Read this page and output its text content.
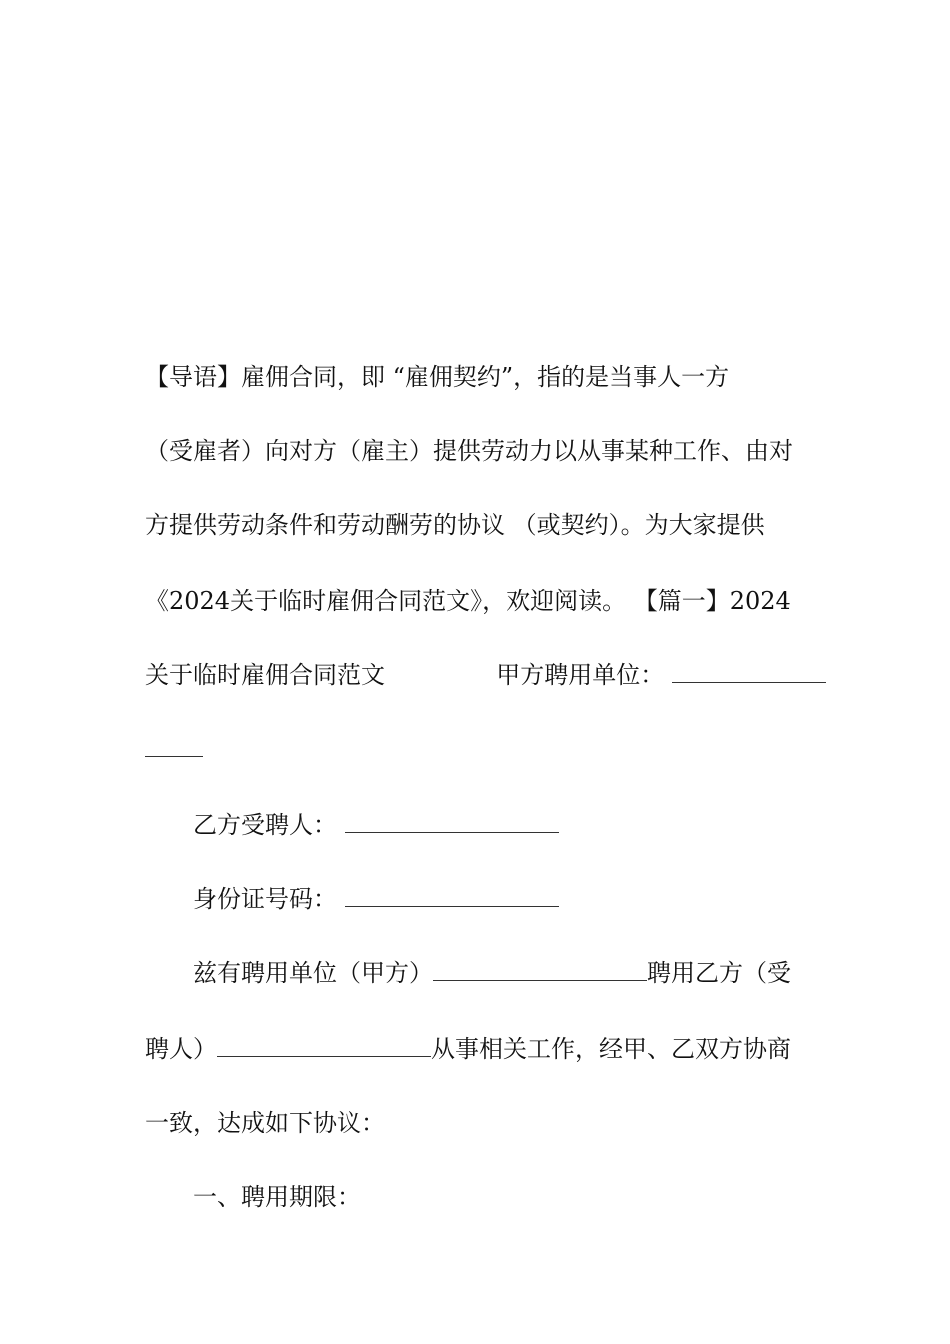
【导语】雇佣合同，即 “雇佣契约”，指的是当事人一方
（受雇者）向对方（雇主）提供劳动力以从事某种工作、由对
方提供劳动条件和劳动酬劳的协议 （或契约）。为大家提供
《2024关于临时雇佣合同范文》，欢迎阅读。 【篇一】2024
关于临时雇佣合同范文	甲方聘用单位：
乙方受聘人：
身份证号码：
兹有聘用单位（甲方）	聘用乙方（受
聘人）	从事相关工作，经甲、乙双方协商
一致，达成如下协议：
一、聘用期限：
